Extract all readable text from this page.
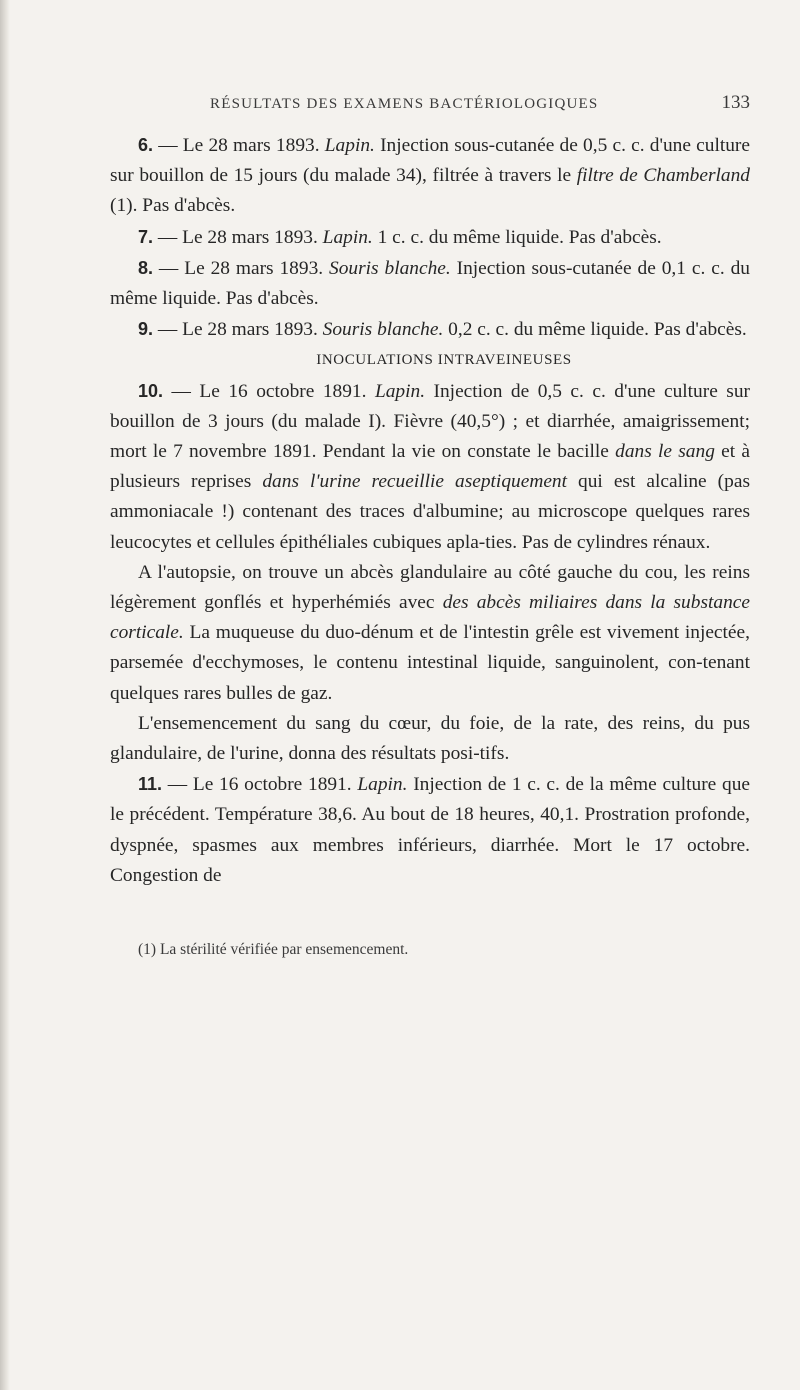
RÉSULTATS DES EXAMENS BACTÉRIOLOGIQUES	133

6. — Le 28 mars 1893. Lapin. Injection sous-cutanée de 0,5 c. c. d'une culture sur bouillon de 15 jours (du malade 34), filtrée à travers le filtre de Chamberland (1). Pas d'abcès.

7. — Le 28 mars 1893. Lapin. 1 c. c. du même liquide. Pas d'abcès.

8. — Le 28 mars 1893. Souris blanche. Injection sous-cutanée de 0,1 c. c. du même liquide. Pas d'abcès.

9. — Le 28 mars 1893. Souris blanche. 0,2 c. c. du même liquide. Pas d'abcès.

INOCULATIONS INTRAVEINEUSES

10. — Le 16 octobre 1891. Lapin. Injection de 0,5 c. c. d'une culture sur bouillon de 3 jours (du malade I). Fièvre (40,5°) ; et diarrhée, amaigrissement; mort le 7 novembre 1891. Pendant la vie on constate le bacille dans le sang et à plusieurs reprises dans l'urine recueillie aseptiquement qui est alcaline (pas ammoniacale !) contenant des traces d'albumine; au microscope quelques rares leucocytes et cellules épithéliales cubiques apla-ties. Pas de cylindres rénaux.

A l'autopsie, on trouve un abcès glandulaire au côté gauche du cou, les reins légèrement gonflés et hyperhémiés avec des abcès miliaires dans la substance corticale. La muqueuse du duo-dénum et de l'intestin grêle est vivement injectée, parsemée d'ecchymoses, le contenu intestinal liquide, sanguinolent, con-tenant quelques rares bulles de gaz.

L'ensemencement du sang du cœur, du foie, de la rate, des reins, du pus glandulaire, de l'urine, donna des résultats posi-tifs.

11. — Le 16 octobre 1891. Lapin. Injection de 1 c. c. de la même culture que le précédent. Température 38,6. Au bout de 18 heures, 40,1. Prostration profonde, dyspnée, spasmes aux membres inférieurs, diarrhée. Mort le 17 octobre. Congestion de

(1) La stérilité vérifiée par ensemencement.
